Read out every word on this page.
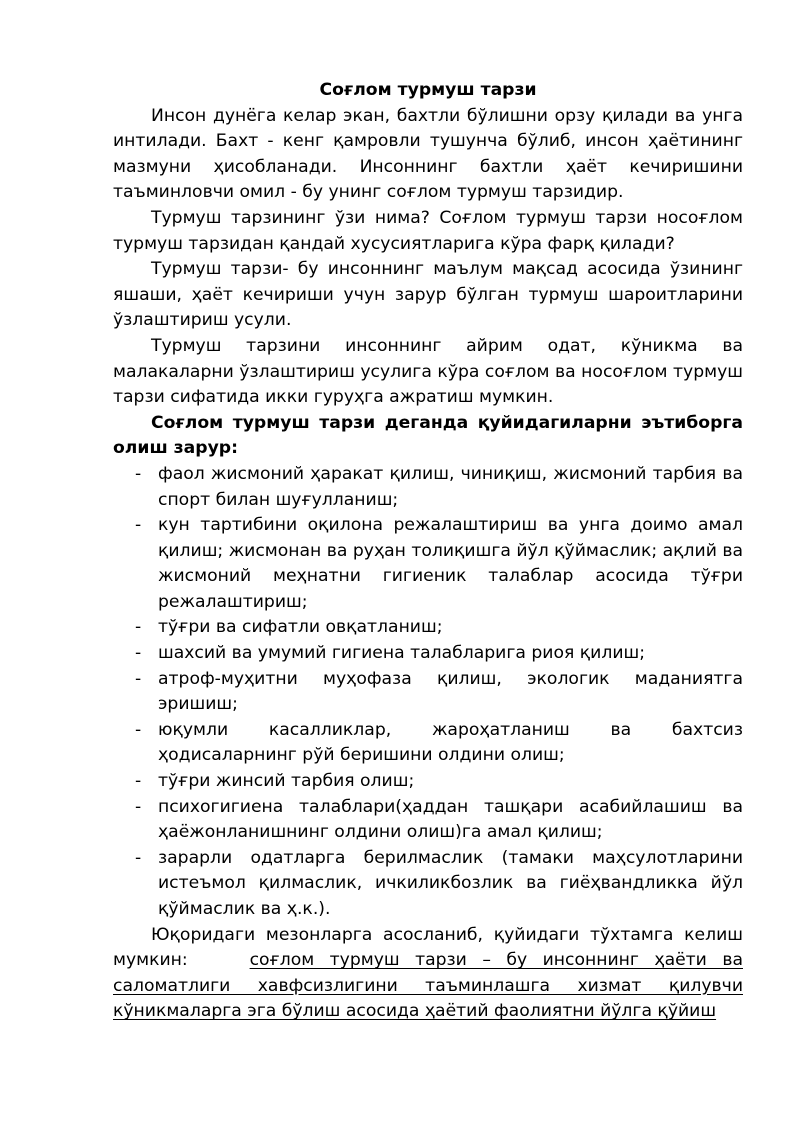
Соғлом турмуш тарзи

Инсон дунёга келар экан, бахтли бўлишни орзу қилади ва унга интилади. Бахт - кенг қамровли тушунча бўлиб, инсон ҳаётининг мазмуни ҳисобланади. Инсоннинг бахтли ҳаёт кечиришини таъминловчи омил - бу унинг соғлом турмуш тарзидир.

Турмуш тарзининг ўзи нима? Соғлом турмуш тарзи носоғлом турмуш тарзидан қандай хусусиятларига кўра фарқ қилади?

Турмуш тарзи- бу инсоннинг маълум мақсад асосида ўзининг яшаши, ҳаёт кечириши учун зарур бўлган турмуш шароитларини ўзлаштириш усули.

Турмуш тарзини инсоннинг айрим одат, кўникма ва малакаларни ўзлаштириш усулига кўра соғлом ва носоғлом турмуш тарзи сифатида икки гуруҳга ажратиш мумкин.

Соғлом турмуш тарзи деганда қуйидагиларни эътиборга олиш зарур:

- фаол жисмоний ҳаракат қилиш, чиниқиш, жисмоний тарбия ва спорт билан шуғулланиш;
- кун тартибини оқилона режалаштириш ва унга доимо амал қилиш; жисмонан ва руҳан толиқишга йўл қўймаслик; ақлий ва жисмоний меҳнатни гигиеник талаблар асосида тўғри режалаштириш;
- тўғри ва сифатли овқатланиш;
- шахсий ва умумий гигиена талабларига риоя қилиш;
- атроф-муҳитни муҳофаза қилиш, экологик маданиятга эришиш;
- юқумли касалликлар, жароҳатланиш ва бахтсиз ҳодисаларнинг рўй беришини олдини олиш;
- тўғри жинсий тарбия олиш;
- психогигиена талаблари(ҳаддан ташқари асабийлашиш ва ҳаёжонланишнинг олдини олиш)га амал қилиш;
- зарарли одатларга берилмаслик (тамаки маҳсулотларини истеъмол қилмаслик, ичкиликбозлик ва гиёҳвандликка йўл қўймаслик ва ҳ.к.).

Юқоридаги мезонларга асосланиб, қуйидаги тўхтамга келиш мумкин:	соғлом турмуш тарзи – бу инсоннинг ҳаёти ва саломатлиги хавфсизлигини таъминлашга хизмат қилувчи кўникмаларга эга бўлиш асосида ҳаётий фаолиятни йўлга қўйиш
